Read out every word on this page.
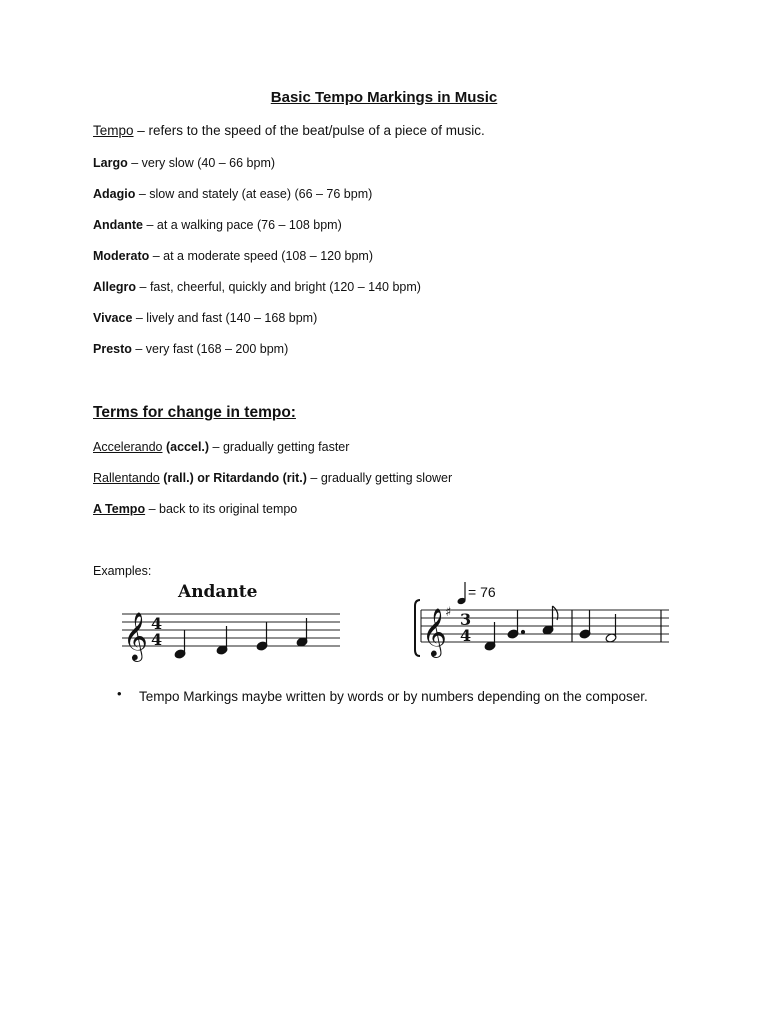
Basic Tempo Markings in Music
Tempo – refers to the speed of the beat/pulse of a piece of music.
Largo – very slow (40 – 66 bpm)
Adagio – slow and stately (at ease) (66 – 76 bpm)
Andante – at a walking pace (76 – 108 bpm)
Moderato – at a moderate speed (108 – 120 bpm)
Allegro – fast, cheerful, quickly and bright (120 – 140 bpm)
Vivace – lively and fast (140 – 168 bpm)
Presto – very fast (168 – 200 bpm)
Terms for change in tempo:
Accelerando (accel.) – gradually getting faster
Rallentando (rall.) or Ritardando (rit.) – gradually getting slower
A Tempo – back to its original tempo
Examples:
Andante
𝄞 4
4
= 76
𝄞
♯ 3
4
• Tempo Markings maybe written by words or by numbers depending on the composer.
